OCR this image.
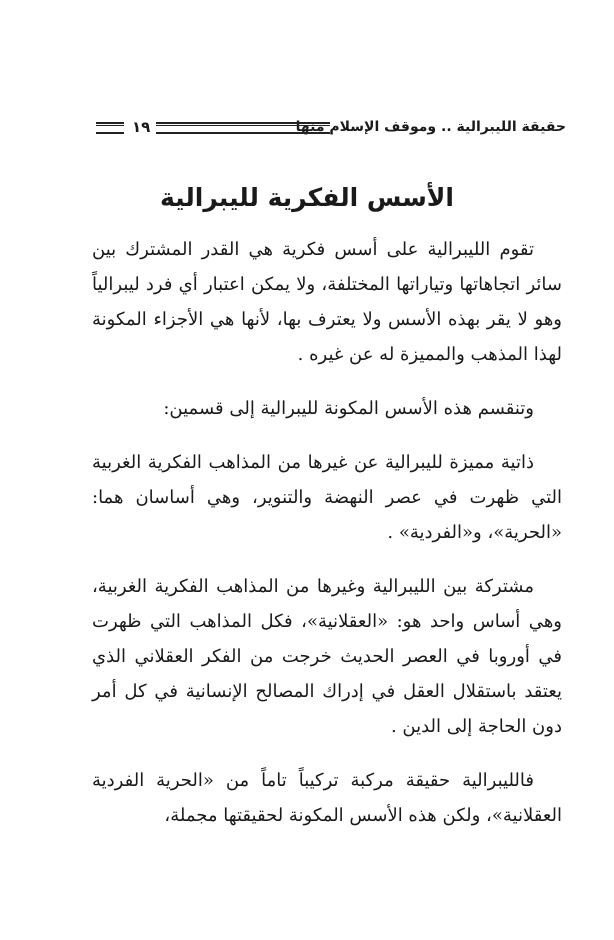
حقيقة الليبرالية .. وموقف الإسلام منها
١٩
الأسس الفكرية لليبرالية

تقوم الليبرالية على أسس فكرية هي القدر المشترك بين سائر اتجاهاتها وتياراتها المختلفة، ولا يمكن اعتبار أي فرد ليبرالياً وهو لا يقر بهذه الأسس ولا يعترف بها، لأنها هي الأجزاء المكونة لهذا المذهب والمميزة له عن غيره .

وتنقسم هذه الأسس المكونة لليبرالية إلى قسمين:

ذاتية مميزة لليبرالية عن غيرها من المذاهب الفكرية الغربية التي ظهرت في عصر النهضة والتنوير، وهي أساسان هما: «الحرية»، و«الفردية» .

مشتركة بين الليبرالية وغيرها من المذاهب الفكرية الغربية، وهي أساس واحد هو: «العقلانية»، فكل المذاهب التي ظهرت في أوروبا في العصر الحديث خرجت من الفكر العقلاني الذي يعتقد باستقلال العقل في إدراك المصالح الإنسانية في كل أمر دون الحاجة إلى الدين .

فالليبرالية حقيقة مركبة تركيباً تاماً من «الحرية الفردية العقلانية»، ولكن هذه الأسس المكونة لحقيقتها مجملة،
